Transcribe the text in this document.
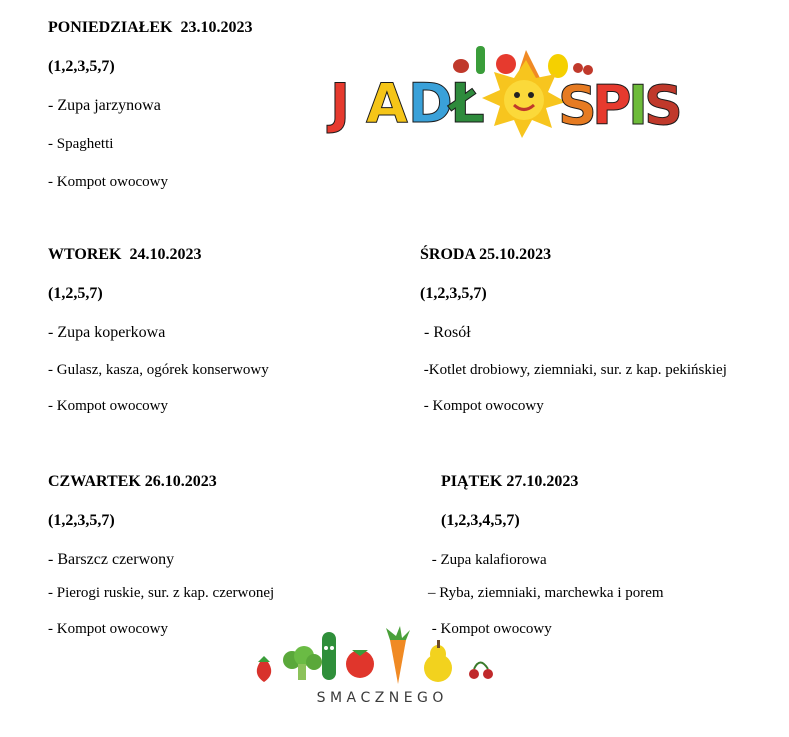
PONIEDZIAŁEK  23.10.2023
(1,2,3,5,7)
- Zupa jarzynowa
- Spaghetti
- Kompot owocowy
J A D
Ł S
P
I
S
WTOREK  24.10.2023
(1,2,5,7)
- Zupa koperkowa
- Gulasz, kasza, ogórek konserwowy
- Kompot owocowy
ŚRODA 25.10.2023
(1,2,3,5,7)
- Rosół
-Kotlet drobiowy, ziemniaki, sur. z kap. pekińskiej
- Kompot owocowy
CZWARTEK 26.10.2023
(1,2,3,5,7)
- Barszcz czerwony
- Pierogi ruskie, sur. z kap. czerwonej
- Kompot owocowy
PIĄTEK 27.10.2023
(1,2,3,4,5,7)
- Zupa kalafiorowa
– Ryba, ziemniaki, marchewka i porem
- Kompot owocowy
S M A C Z N E G O
